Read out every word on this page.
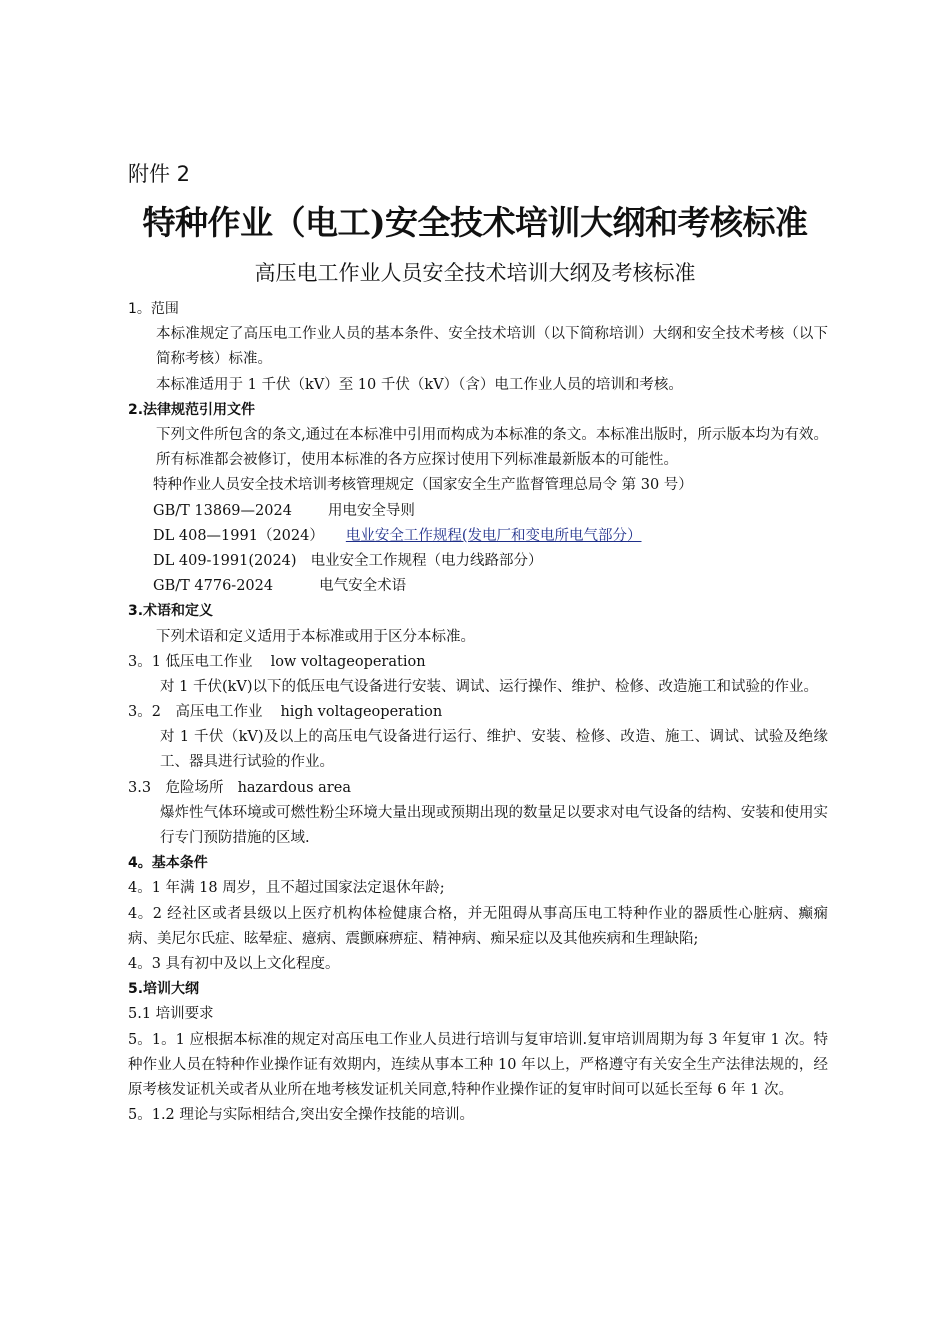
附件 2
特种作业（电工)安全技术培训大纲和考核标准
高压电工作业人员安全技术培训大纲及考核标准
1。范围
本标准规定了高压电工作业人员的基本条件、安全技术培训（以下简称培训）大纲和安全技术考核（以下简称考核）标准。
本标准适用于 1 千伏（kV）至 10 千伏（kV）（含）电工作业人员的培训和考核。
2.法律规范引用文件
下列文件所包含的条文,通过在本标准中引用而构成为本标准的条文。本标准出版时，所示版本均为有效。所有标准都会被修订，使用本标准的各方应探讨使用下列标准最新版本的可能性。
特种作业人员安全技术培训考核管理规定（国家安全生产监督管理总局令 第 30 号）
GB/T 13869—2024 用电安全导则
DL 408—1991（2024） 电业安全工作规程(发电厂和变电所电气部分）
DL 409-1991(2024) 电业安全工作规程（电力线路部分）
GB/T 4776-2024	电气安全术语
3.术语和定义
下列术语和定义适用于本标准或用于区分本标准。
3。1 低压电工作业 low voltageoperation
对 1 千伏(kV)以下的低压电气设备进行安装、调试、运行操作、维护、检修、改造施工和试验的作业。
3。2　高压电工作业 high voltageoperation
对 1 千伏（kV)及以上的高压电气设备进行运行、维护、安装、检修、改造、施工、调试、试验及绝缘工、器具进行试验的作业。
3.3　危险场所 hazardous area
爆炸性气体环境或可燃性粉尘环境大量出现或预期出现的数量足以要求对电气设备的结构、安装和使用实行专门预防措施的区域.
4。基本条件
4。1 年满 18 周岁，且不超过国家法定退休年龄;
4。2 经社区或者县级以上医疗机构体检健康合格，并无阻碍从事高压电工特种作业的器质性心脏病、癫痫病、美尼尔氏症、眩晕症、癔病、震颤麻痹症、精神病、痴呆症以及其他疾病和生理缺陷;
4。3 具有初中及以上文化程度。
5.培训大纲
5.1 培训要求
5。1。1 应根据本标准的规定对高压电工作业人员进行培训与复审培训.复审培训周期为每 3 年复审 1 次。特种作业人员在特种作业操作证有效期内，连续从事本工种 10 年以上，严格遵守有关安全生产法律法规的，经原考核发证机关或者从业所在地考核发证机关同意,特种作业操作证的复审时间可以延长至每 6 年 1 次。
5。1.2 理论与实际相结合,突出安全操作技能的培训。
